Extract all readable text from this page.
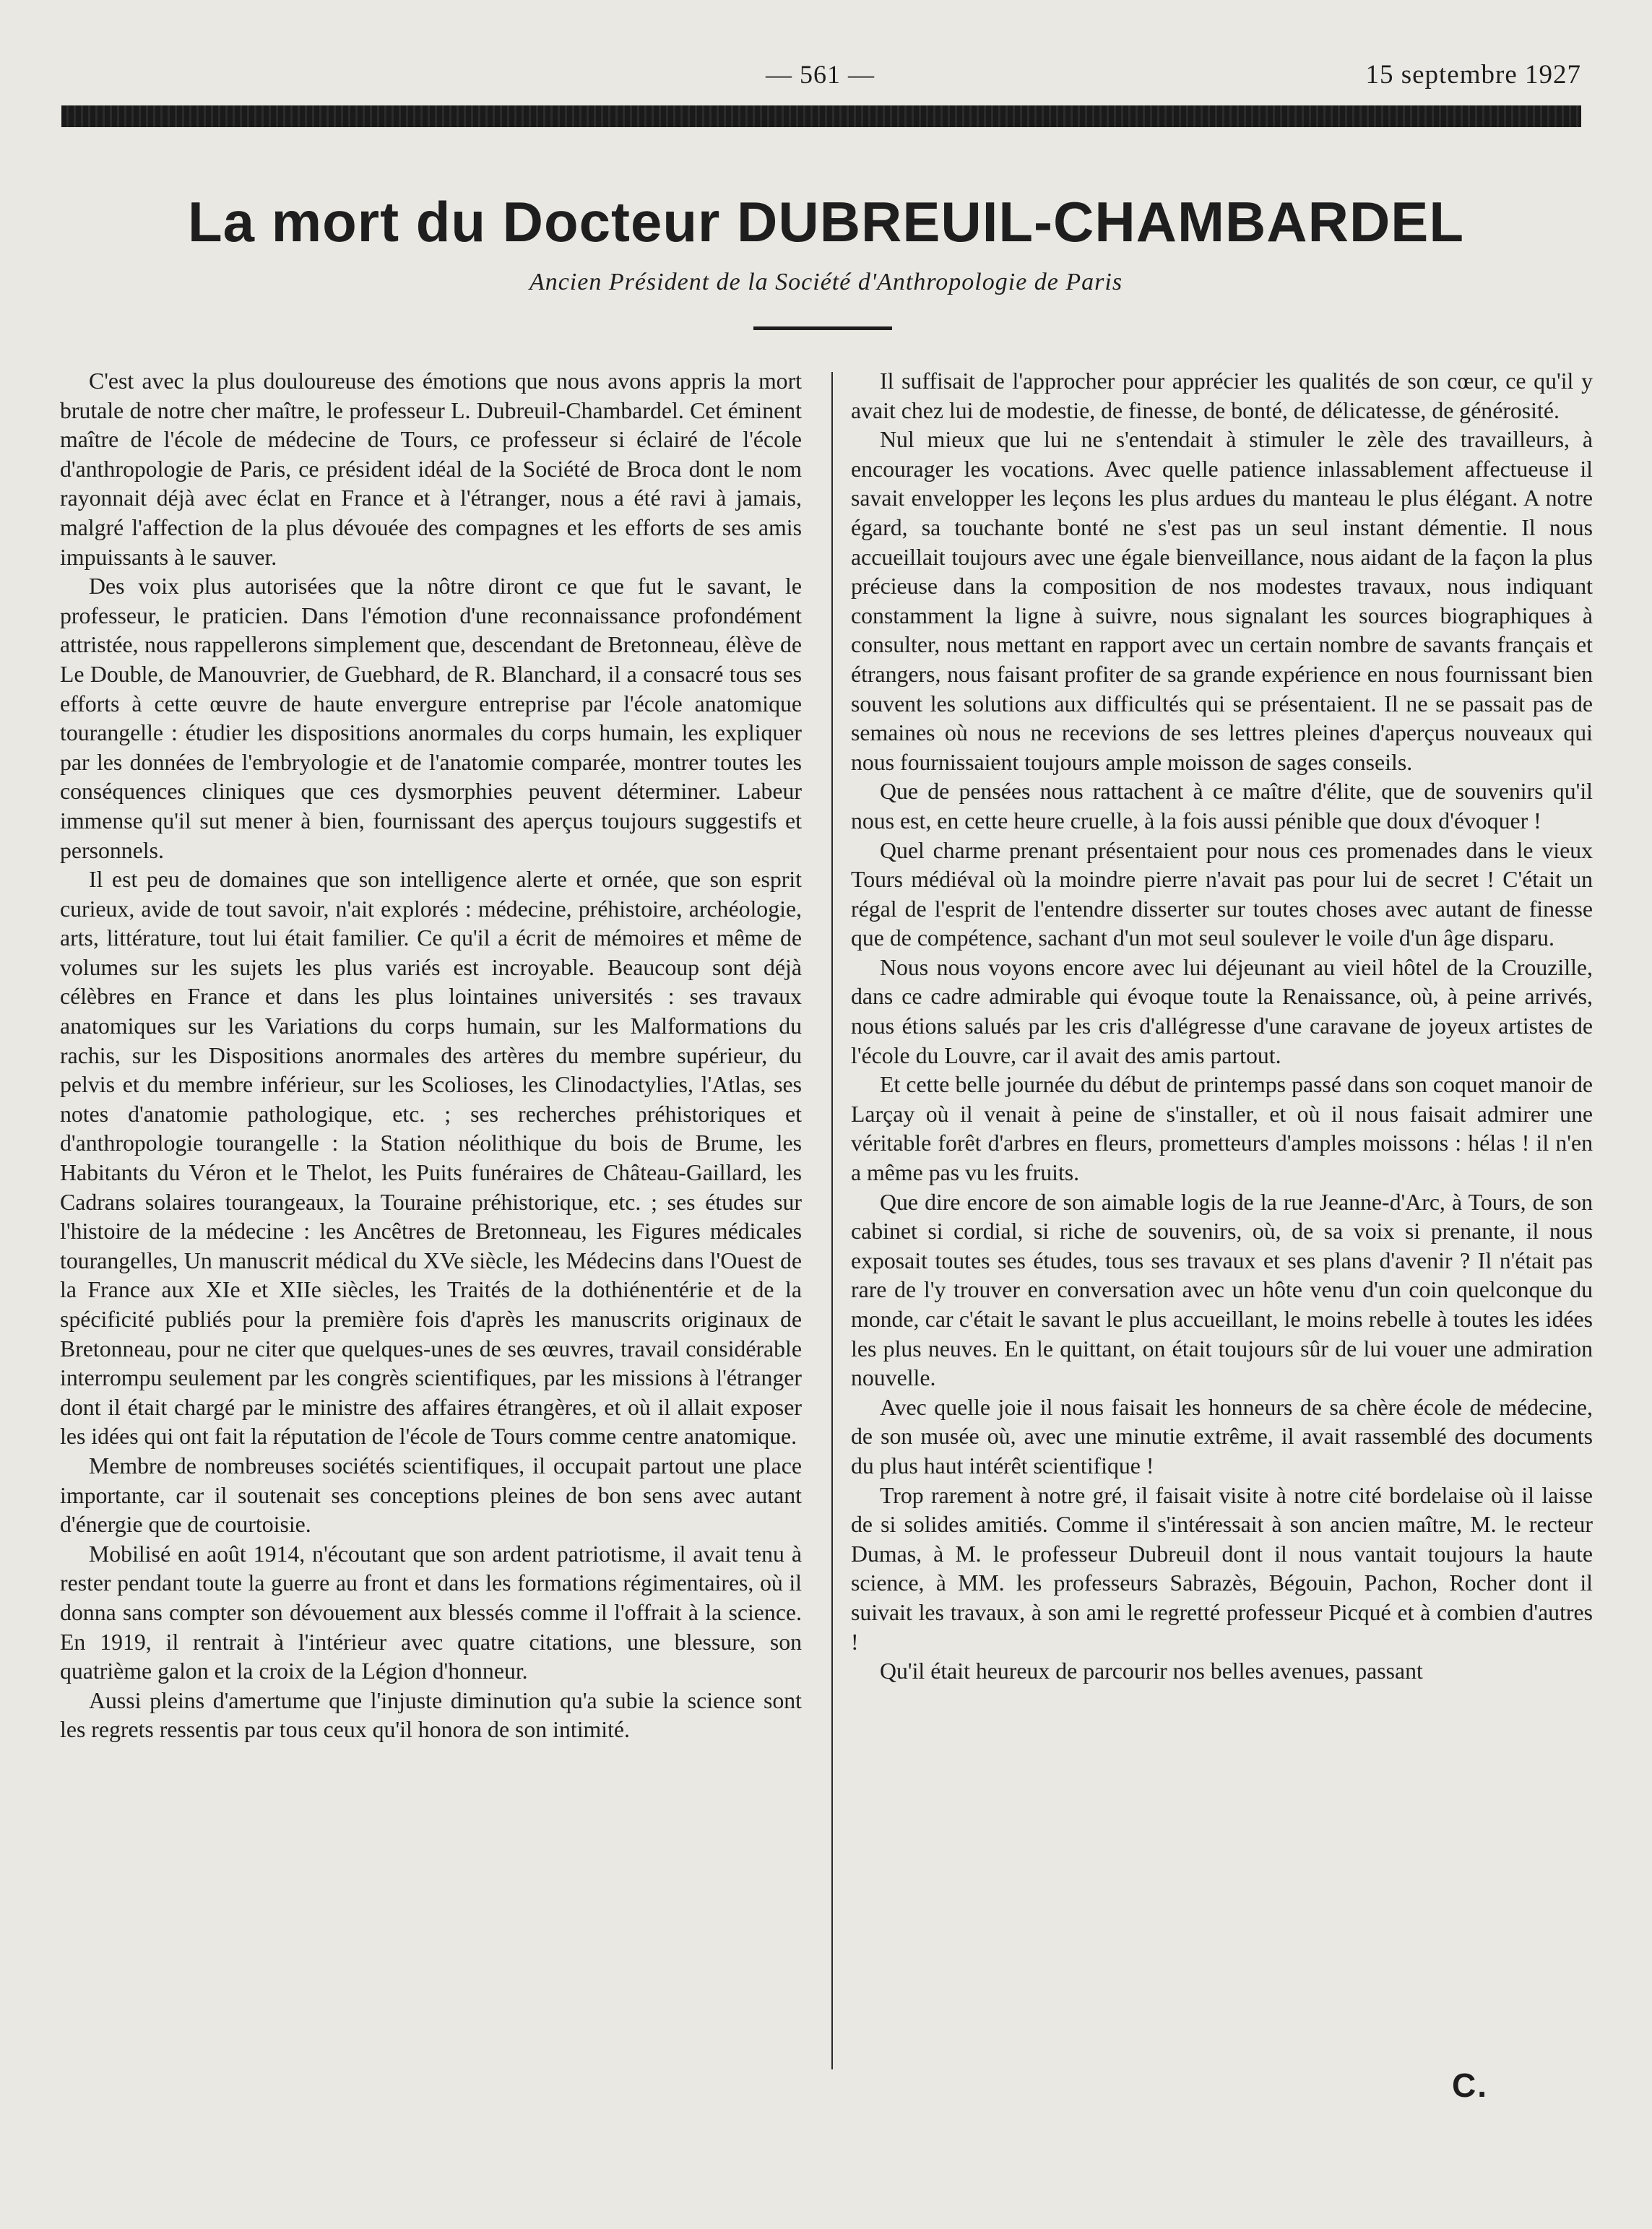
— 561 —	15 septembre 1927
La mort du Docteur DUBREUIL-CHAMBARDEL

Ancien Président de la Société d'Anthropologie de Paris

C'est avec la plus douloureuse des émotions que nous avons appris la mort brutale de notre cher maître, le professeur L. Dubreuil-Chambardel. Cet éminent maître de l'école de médecine de Tours, ce professeur si éclairé de l'école d'anthropologie de Paris, ce président idéal de la Société de Broca dont le nom rayonnait déjà avec éclat en France et à l'étranger, nous a été ravi à jamais, malgré l'affection de la plus dévouée des compagnes et les efforts de ses amis impuissants à le sauver.

Des voix plus autorisées que la nôtre diront ce que fut le savant, le professeur, le praticien. Dans l'émotion d'une reconnaissance profondément attristée, nous rappellerons simplement que, descendant de Bretonneau, élève de Le Double, de Manouvrier, de Guebhard, de R. Blanchard, il a consacré tous ses efforts à cette œuvre de haute envergure entreprise par l'école anatomique tourangelle : étudier les dispositions anormales du corps humain, les expliquer par les données de l'embryologie et de l'anatomie comparée, montrer toutes les conséquences cliniques que ces dysmorphies peuvent déterminer. Labeur immense qu'il sut mener à bien, fournissant des aperçus toujours suggestifs et personnels.

Il est peu de domaines que son intelligence alerte et ornée, que son esprit curieux, avide de tout savoir, n'ait explorés : médecine, préhistoire, archéologie, arts, littérature, tout lui était familier. Ce qu'il a écrit de mémoires et même de volumes sur les sujets les plus variés est incroyable. Beaucoup sont déjà célèbres en France et dans les plus lointaines universités : ses travaux anatomiques sur les Variations du corps humain, sur les Malformations du rachis, sur les Dispositions anormales des artères du membre supérieur, du pelvis et du membre inférieur, sur les Scolioses, les Clinodactylies, l'Atlas, ses notes d'anatomie pathologique, etc. ; ses recherches préhistoriques et d'anthropologie tourangelle : la Station néolithique du bois de Brume, les Habitants du Véron et le Thelot, les Puits funéraires de Château-Gaillard, les Cadrans solaires tourangeaux, la Touraine préhistorique, etc. ; ses études sur l'histoire de la médecine : les Ancêtres de Bretonneau, les Figures médicales tourangelles, Un manuscrit médical du XVe siècle, les Médecins dans l'Ouest de la France aux XIe et XIIe siècles, les Traités de la dothiénentérie et de la spécificité publiés pour la première fois d'après les manuscrits originaux de Bretonneau, pour ne citer que quelques-unes de ses œuvres, travail considérable interrompu seulement par les congrès scientifiques, par les missions à l'étranger dont il était chargé par le ministre des affaires étrangères, et où il allait exposer les idées qui ont fait la réputation de l'école de Tours comme centre anatomique.

Membre de nombreuses sociétés scientifiques, il occupait partout une place importante, car il soutenait ses conceptions pleines de bon sens avec autant d'énergie que de courtoisie.

Mobilisé en août 1914, n'écoutant que son ardent patriotisme, il avait tenu à rester pendant toute la guerre au front et dans les formations régimentaires, où il donna sans compter son dévouement aux blessés comme il l'offrait à la science. En 1919, il rentrait à l'intérieur avec quatre citations, une blessure, son quatrième galon et la croix de la Légion d'honneur.

Aussi pleins d'amertume que l'injuste diminution qu'a subie la science sont les regrets ressentis par tous ceux qu'il honora de son intimité.

Il suffisait de l'approcher pour apprécier les qualités de son cœur, ce qu'il y avait chez lui de modestie, de finesse, de bonté, de délicatesse, de générosité.

Nul mieux que lui ne s'entendait à stimuler le zèle des travailleurs, à encourager les vocations. Avec quelle patience inlassablement affectueuse il savait envelopper les leçons les plus ardues du manteau le plus élégant. A notre égard, sa touchante bonté ne s'est pas un seul instant démentie. Il nous accueillait toujours avec une égale bienveillance, nous aidant de la façon la plus précieuse dans la composition de nos modestes travaux, nous indiquant constamment la ligne à suivre, nous signalant les sources biographiques à consulter, nous mettant en rapport avec un certain nombre de savants français et étrangers, nous faisant profiter de sa grande expérience en nous fournissant bien souvent les solutions aux difficultés qui se présentaient. Il ne se passait pas de semaines où nous ne recevions de ses lettres pleines d'aperçus nouveaux qui nous fournissaient toujours ample moisson de sages conseils.

Que de pensées nous rattachent à ce maître d'élite, que de souvenirs qu'il nous est, en cette heure cruelle, à la fois aussi pénible que doux d'évoquer !

Quel charme prenant présentaient pour nous ces promenades dans le vieux Tours médiéval où la moindre pierre n'avait pas pour lui de secret ! C'était un régal de l'esprit de l'entendre disserter sur toutes choses avec autant de finesse que de compétence, sachant d'un mot seul soulever le voile d'un âge disparu.

Nous nous voyons encore avec lui déjeunant au vieil hôtel de la Crouzille, dans ce cadre admirable qui évoque toute la Renaissance, où, à peine arrivés, nous étions salués par les cris d'allégresse d'une caravane de joyeux artistes de l'école du Louvre, car il avait des amis partout.

Et cette belle journée du début de printemps passé dans son coquet manoir de Larçay où il venait à peine de s'installer, et où il nous faisait admirer une véritable forêt d'arbres en fleurs, prometteurs d'amples moissons : hélas ! il n'en a même pas vu les fruits.

Que dire encore de son aimable logis de la rue Jeanne-d'Arc, à Tours, de son cabinet si cordial, si riche de souvenirs, où, de sa voix si prenante, il nous exposait toutes ses études, tous ses travaux et ses plans d'avenir ? Il n'était pas rare de l'y trouver en conversation avec un hôte venu d'un coin quelconque du monde, car c'était le savant le plus accueillant, le moins rebelle à toutes les idées les plus neuves. En le quittant, on était toujours sûr de lui vouer une admiration nouvelle.

Avec quelle joie il nous faisait les honneurs de sa chère école de médecine, de son musée où, avec une minutie extrême, il avait rassemblé des documents du plus haut intérêt scientifique !

Trop rarement à notre gré, il faisait visite à notre cité bordelaise où il laisse de si solides amitiés. Comme il s'intéressait à son ancien maître, M. le recteur Dumas, à M. le professeur Dubreuil dont il nous vantait toujours la haute science, à MM. les professeurs Sabrazès, Bégouin, Pachon, Rocher dont il suivait les travaux, à son ami le regretté professeur Picqué et à combien d'autres !

Qu'il était heureux de parcourir nos belles avenues, passant

C.
